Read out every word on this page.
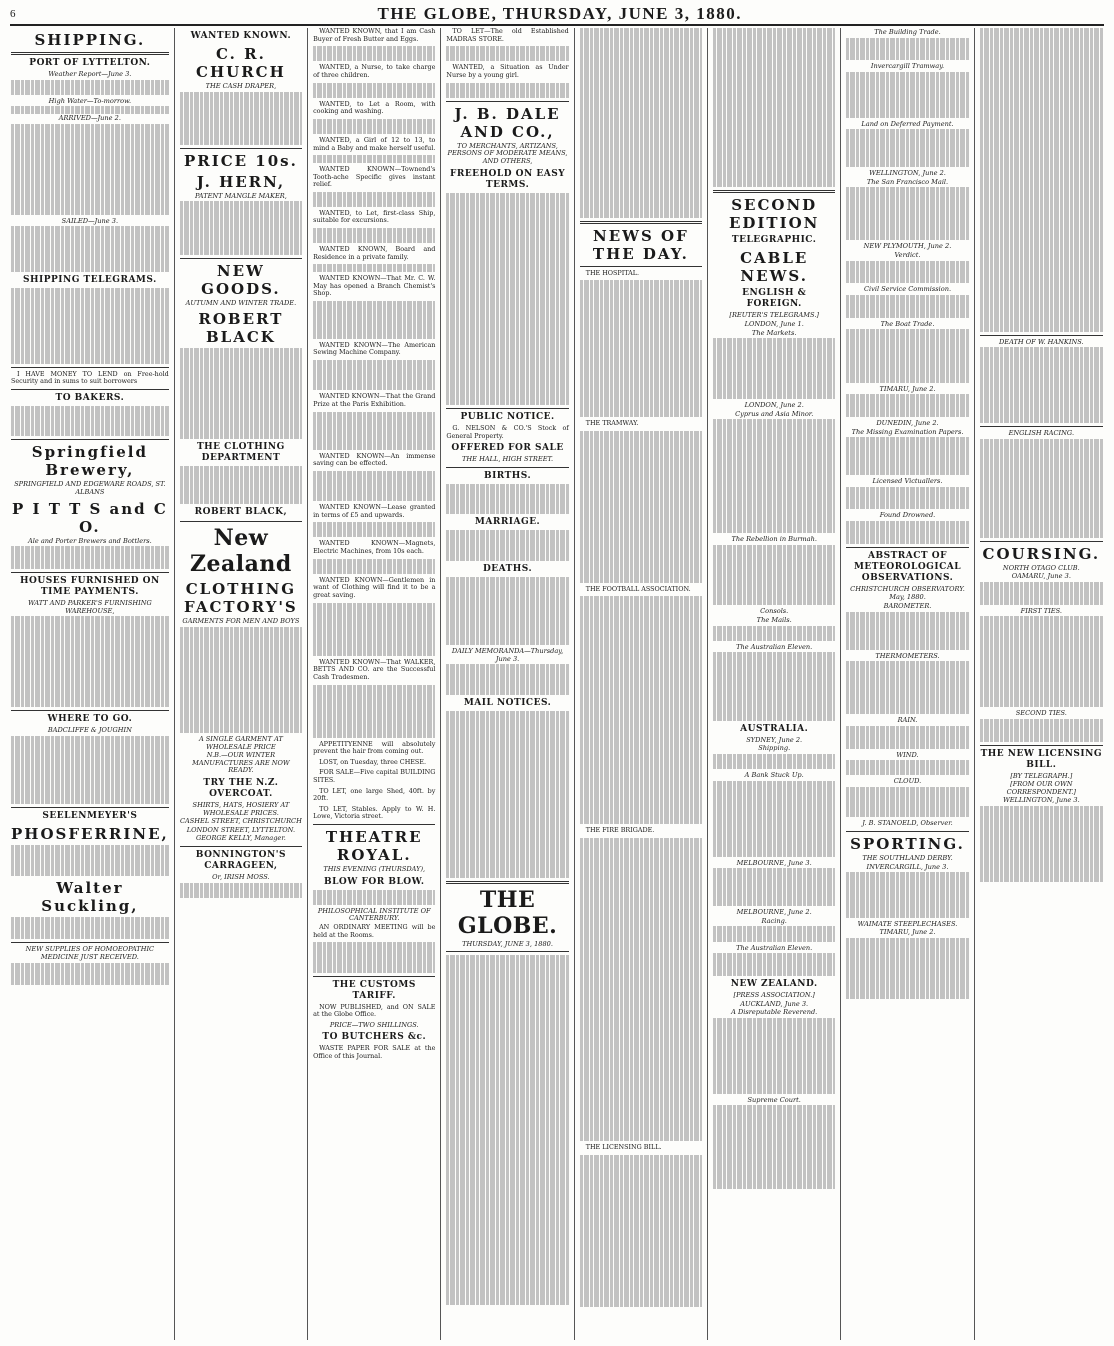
6	THE GLOBE, THURSDAY, JUNE 3, 1880.
SHIPPING.
PORT OF LYTTELTON.
Weather Report—June 3.
High Water—To-morrow.
ARRIVED—June 2.
SAILED—June 3.
SHIPPING TELEGRAMS.
I HAVE MONEY TO LEND on Free-hold Security and in sums to suit borrowers
TO BAKERS.
Springfield Brewery,
SPRINGFIELD AND EDGEWARE ROADS, ST. ALBANS
P I T T S and C O.
Ale and Porter Brewers and Bottlers.
HOUSES FURNISHED ON TIME PAYMENTS.
WATT AND PARKER'S FURNISHING WAREHOUSE,
WHERE TO GO.
BADCLIFFE & JOUGHIN
SEELENMEYER'S
PHOSFERRINE,
Walter Suckling,
NEW SUPPLIES OF HOMOEOPATHIC MEDICINE JUST RECEIVED.
WANTED KNOWN.
C. R. CHURCH
THE CASH DRAPER,
PRICE 10s.
J. HERN,
PATENT MANGLE MAKER,
NEW GOODS.
AUTUMN AND WINTER TRADE.
ROBERT BLACK
THE CLOTHING DEPARTMENT
ROBERT BLACK,
New Zealand
CLOTHING FACTORY'S
GARMENTS FOR MEN AND BOYS
A SINGLE GARMENT AT WHOLESALE PRICE
N.B.—OUR WINTER MANUFACTURES ARE NOW READY.
TRY THE N.Z. OVERCOAT.
SHIRTS, HATS, HOSIERY AT WHOLESALE PRICES.
CASHEL STREET, CHRISTCHURCH
LONDON STREET, LYTTELTON.
GEORGE KELLY, Manager.
BONNINGTON'S CARRAGEEN,
Or, IRISH MOSS.
WANTED KNOWN, that I am Cash Buyer of Fresh Butter and Eggs.
WANTED, a Nurse, to take charge of three children.
WANTED, to Let a Room, with cooking and washing.
WANTED, a Girl of 12 to 13, to mind a Baby and make herself useful.
WANTED KNOWN—Townend's Tooth-ache Specific gives instant relief.
WANTED, to Let, first-class Ship, suitable for excursions.
WANTED KNOWN, Board and Residence in a private family.
WANTED KNOWN—That Mr. C. W. May has opened a Branch Chemist's Shop.
WANTED KNOWN—The American Sewing Machine Company.
WANTED KNOWN—That the Grand Prize at the Paris Exhibition.
WANTED KNOWN—An immense saving can be effected.
WANTED KNOWN—Lease granted in terms of £5 and upwards.
WANTED KNOWN—Magnets, Electric Machines, from 10s each.
WANTED KNOWN—Gentlemen in want of Clothing will find it to be a great saving.
WANTED KNOWN—That WALKER, BETTS AND CO. are the Successful Cash Tradesmen.
APPETITYENNE will absolutely prevent the hair from coming out.
LOST, on Tuesday, three CHESE.
FOR SALE—Five capital BUILDING SITES.
TO LET, one large Shed, 40ft. by 20ft.
TO LET, Stables. Apply to W. H. Lowe, Victoria street.
THEATRE ROYAL.
THIS EVENING (THURSDAY),
BLOW FOR BLOW.
PHILOSOPHICAL INSTITUTE OF CANTERBURY.
AN ORDINARY MEETING will be held at the Rooms.
THE CUSTOMS TARIFF.
NOW PUBLISHED, and ON SALE at the Globe Office.
PRICE—TWO SHILLINGS.
TO BUTCHERS &c.
WASTE PAPER FOR SALE at the Office of this Journal.
TO LET—The old Established MADRAS STORE.
WANTED, a Situation as Under Nurse by a young girl.
J. B. DALE AND CO.,
TO MERCHANTS, ARTIZANS, PERSONS OF MODERATE MEANS, AND OTHERS,
FREEHOLD ON EASY TERMS.
PUBLIC NOTICE.
G. NELSON & CO.'S Stock of General Property.
OFFERED FOR SALE
THE HALL, HIGH STREET.
BIRTHS.
MARRIAGE.
DEATHS.
DAILY MEMORANDA—Thursday, June 3.
MAIL NOTICES.
THE GLOBE.
THURSDAY, JUNE 3, 1880.
NEWS OF THE DAY.
THE HOSPITAL.
THE TRAMWAY.
THE FOOTBALL ASSOCIATION.
THE FIRE BRIGADE.
THE LICENSING BILL.
SECOND EDITION
TELEGRAPHIC.
CABLE NEWS.
ENGLISH & FOREIGN.
[REUTER'S TELEGRAMS.]
LONDON, June 1.
The Markets.
LONDON, June 2.
Cyprus and Asia Minor.
The Rebellion in Burmah.
Consols.
The Mails.
The Australian Eleven.
AUSTRALIA.
SYDNEY, June 2.
Shipping.
A Bank Stuck Up.
MELBOURNE, June 3.
MELBOURNE, June 2.
Racing.
The Australian Eleven.
NEW ZEALAND.
[PRESS ASSOCIATION.]
AUCKLAND, June 3.
A Disreputable Reverend.
Supreme Court.
The Building Trade.
Invercargill Tramway.
Land on Deferred Payment.
WELLINGTON, June 2.
The San Francisco Mail.
NEW PLYMOUTH, June 2.
Verdict.
Civil Service Commission.
The Boat Trade.
TIMARU, June 2.
DUNEDIN, June 2.
The Missing Examination Papers.
Licensed Victuallers.
Found Drowned.
ABSTRACT OF METEOROLOGICAL OBSERVATIONS.
CHRISTCHURCH OBSERVATORY.
May, 1880.
BAROMETER.
THERMOMETERS.
RAIN.
WIND.
CLOUD.
J. B. STANOELD, Observer.
SPORTING.
THE SOUTHLAND DERBY.
INVERCARGILL, June 3.
WAIMATE STEEPLECHASES.
TIMARU, June 2.
DEATH OF W. HANKINS.
ENGLISH RACING.
COURSING.
NORTH OTAGO CLUB.
OAMARU, June 3.
FIRST TIES.
SECOND TIES.
THE NEW LICENSING BILL.
[BY TELEGRAPH.]
[FROM OUR OWN CORRESPONDENT.]
WELLINGTON, June 3.
